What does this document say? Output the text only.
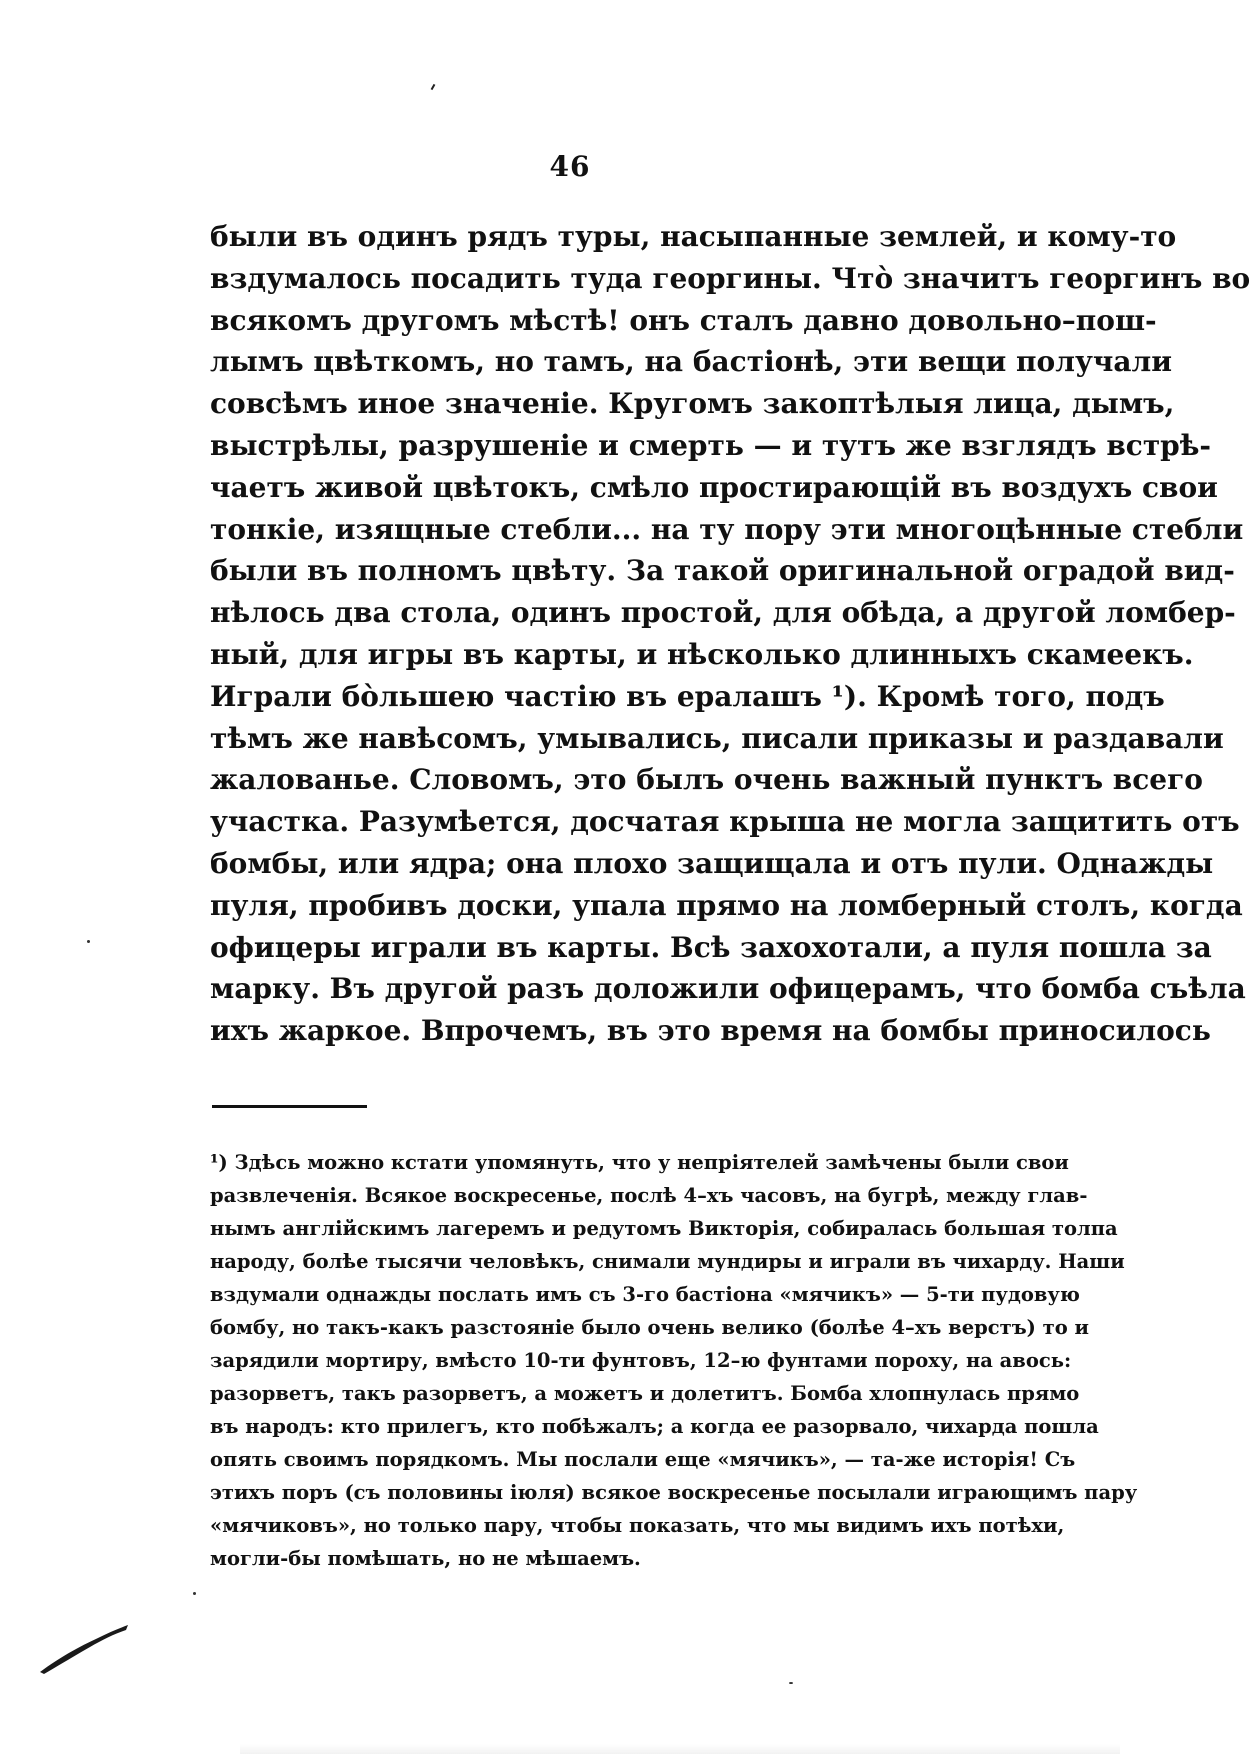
46
были въ одинъ рядъ туры, насыпанные землей, и кому-то
вздумалось посадить туда георгины. Что̀ значитъ георгинъ во
всякомъ другомъ мѣстѣ! онъ сталъ давно довольно–пош-
лымъ цвѣткомъ, но тамъ, на бастіонѣ, эти вещи получали
совсѣмъ иное значеніе. Кругомъ закоптѣлыя лица, дымъ,
выстрѣлы, разрушеніе и смерть — и тутъ же взглядъ встрѣ-
чаетъ живой цвѣтокъ, смѣло простирающій въ воздухъ свои
тонкіе, изящные стебли... на ту пору эти многоцѣнные стебли
были въ полномъ цвѣту. За такой оригинальной оградой вид-
нѣлось два стола, одинъ простой, для обѣда, а другой ломбер-
ный, для игры въ карты, и нѣсколько длинныхъ скамеекъ.
Играли бо̀льшею частію въ ералашъ ¹). Кромѣ того, подъ
тѣмъ же навѣсомъ, умывались, писали приказы и раздавали
жалованье. Словомъ, это былъ очень важный пунктъ всего
участка. Разумѣется, досчатая крыша не могла защитить отъ
бомбы, или ядра; она плохо защищала и отъ пули. Однажды
пуля, пробивъ доски, упала прямо на ломберный столъ, когда
офицеры играли въ карты. Всѣ захохотали, а пуля пошла за
марку. Въ другой разъ доложили офицерамъ, что бомба съѣла
ихъ жаркое. Впрочемъ, въ это время на бомбы приносилось
¹) Здѣсь можно кстати упомянуть, что у непріятелей замѣчены были свои
развлеченія. Всякое воскресенье, послѣ 4–хъ часовъ, на бугрѣ, между глав-
нымъ англійскимъ лагеремъ и редутомъ Викторія, собиралась большая толпа
народу, болѣе тысячи человѣкъ, снимали мундиры и играли въ чихарду. Наши
вздумали однажды послать имъ съ 3-го бастіона «мячикъ» — 5-ти пудовую
бомбу, но такъ-какъ разстояніе было очень велико (болѣе 4–хъ верстъ) то и
зарядили мортиру, вмѣсто 10-ти фунтовъ, 12–ю фунтами пороху, на авось:
разорветъ, такъ разорветъ, а можетъ и долетитъ. Бомба хлопнулась прямо
въ народъ: кто прилегъ, кто побѣжалъ; а когда ее разорвало, чихарда пошла
опять своимъ порядкомъ. Мы послали еще «мячикъ», — та-же исторія! Съ
этихъ поръ (съ половины іюля) всякое воскресенье посылали играющимъ пару
«мячиковъ», но только пару, чтобы показать, что мы видимъ ихъ потѣхи,
могли-бы помѣшать, но не мѣшаемъ.
